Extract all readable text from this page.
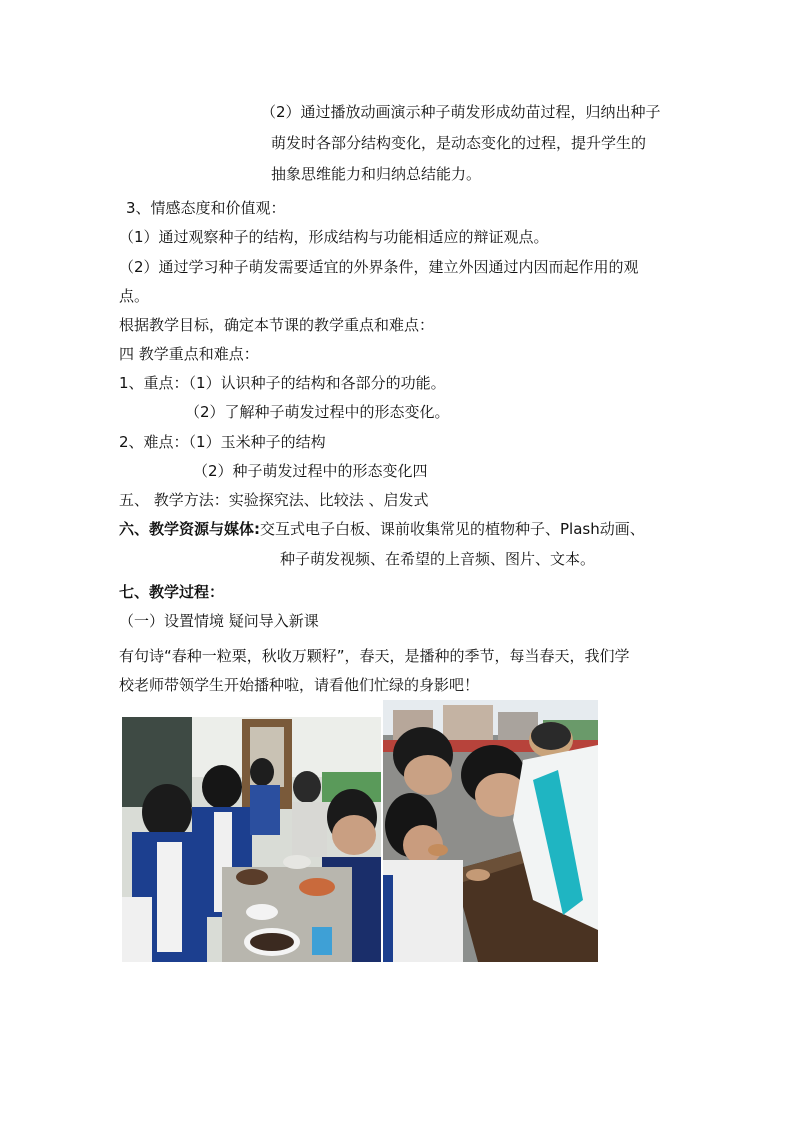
（2）通过播放动画演示种子萌发形成幼苗过程，归纳出种子
萌发时各部分结构变化，是动态变化的过程，提升学生的
抽象思维能力和归纳总结能力。
3、情感态度和价值观：
（1）通过观察种子的结构，形成结构与功能相适应的辩证观点。
（2）通过学习种子萌发需要适宜的外界条件，建立外因通过内因而起作用的观
点。
根据教学目标，确定本节课的教学重点和难点：
四 教学重点和难点：
1、重点：（1）认识种子的结构和各部分的功能。
（2）了解种子萌发过程中的形态变化。
2、难点：（1）玉米种子的结构
（2）种子萌发过程中的形态变化四
五、 教学方法：实验探究法、比较法 、启发式
六、教学资源与媒体:交互式电子白板、课前收集常见的植物种子、Plash动画、
种子萌发视频、在希望的上音频、图片、文本。
七、教学过程：
（一）设置情境 疑问导入新课
有句诗“春种一粒栗，秋收万颗籽”，春天，是播种的季节，每当春天，我们学
校老师带领学生开始播种啦，请看他们忙绿的身影吧！
